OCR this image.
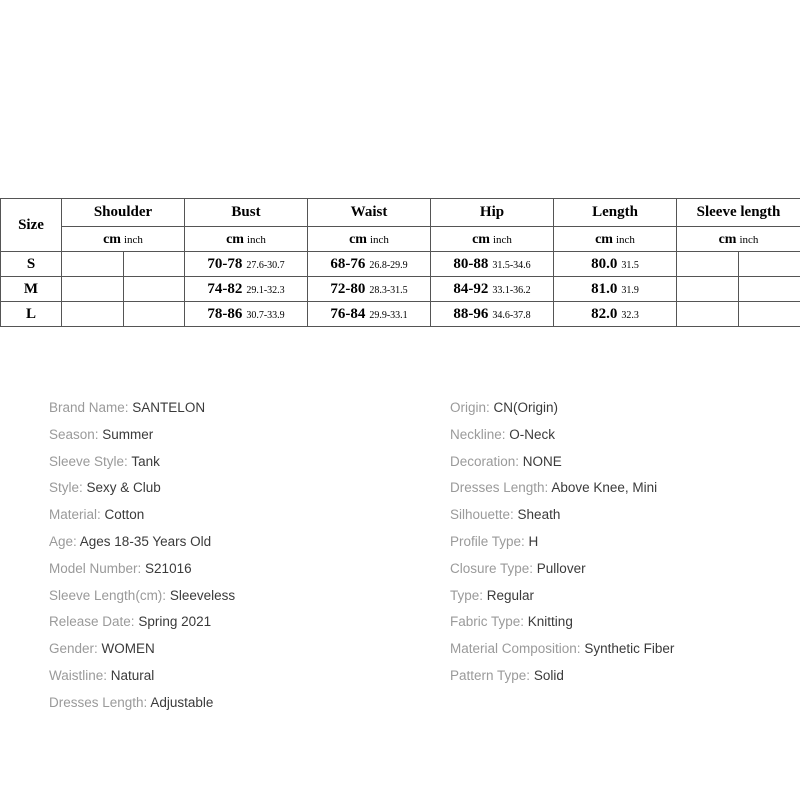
Size	Shoulder		Bust	Waist	Hip	Length	Sleeve length	
	cm inch		cm inch	cm inch	cm inch	cm inch	cm inch	
S			70-78 27.6-30.7	68-76 26.8-29.9	80-88 31.5-34.6	80.0 31.5		
M			74-82 29.1-32.3	72-80 28.3-31.5	84-92 33.1-36.2	81.0 31.9		
L			78-86 30.7-33.9	76-84 29.9-33.1	88-96 34.6-37.8	82.0 32.3		
Brand Name: SANTELON
Season: Summer
Sleeve Style: Tank
Style: Sexy & Club
Material: Cotton
Age: Ages 18-35 Years Old
Model Number: S21016
Sleeve Length(cm): Sleeveless
Release Date: Spring 2021
Gender: WOMEN
Waistline: Natural
Dresses Length: Adjustable
Origin: CN(Origin)
Neckline: O-Neck
Decoration: NONE
Dresses Length: Above Knee, Mini
Silhouette: Sheath
Profile Type: H
Closure Type: Pullover
Type: Regular
Fabric Type: Knitting
Material Composition: Synthetic Fiber
Pattern Type: Solid
